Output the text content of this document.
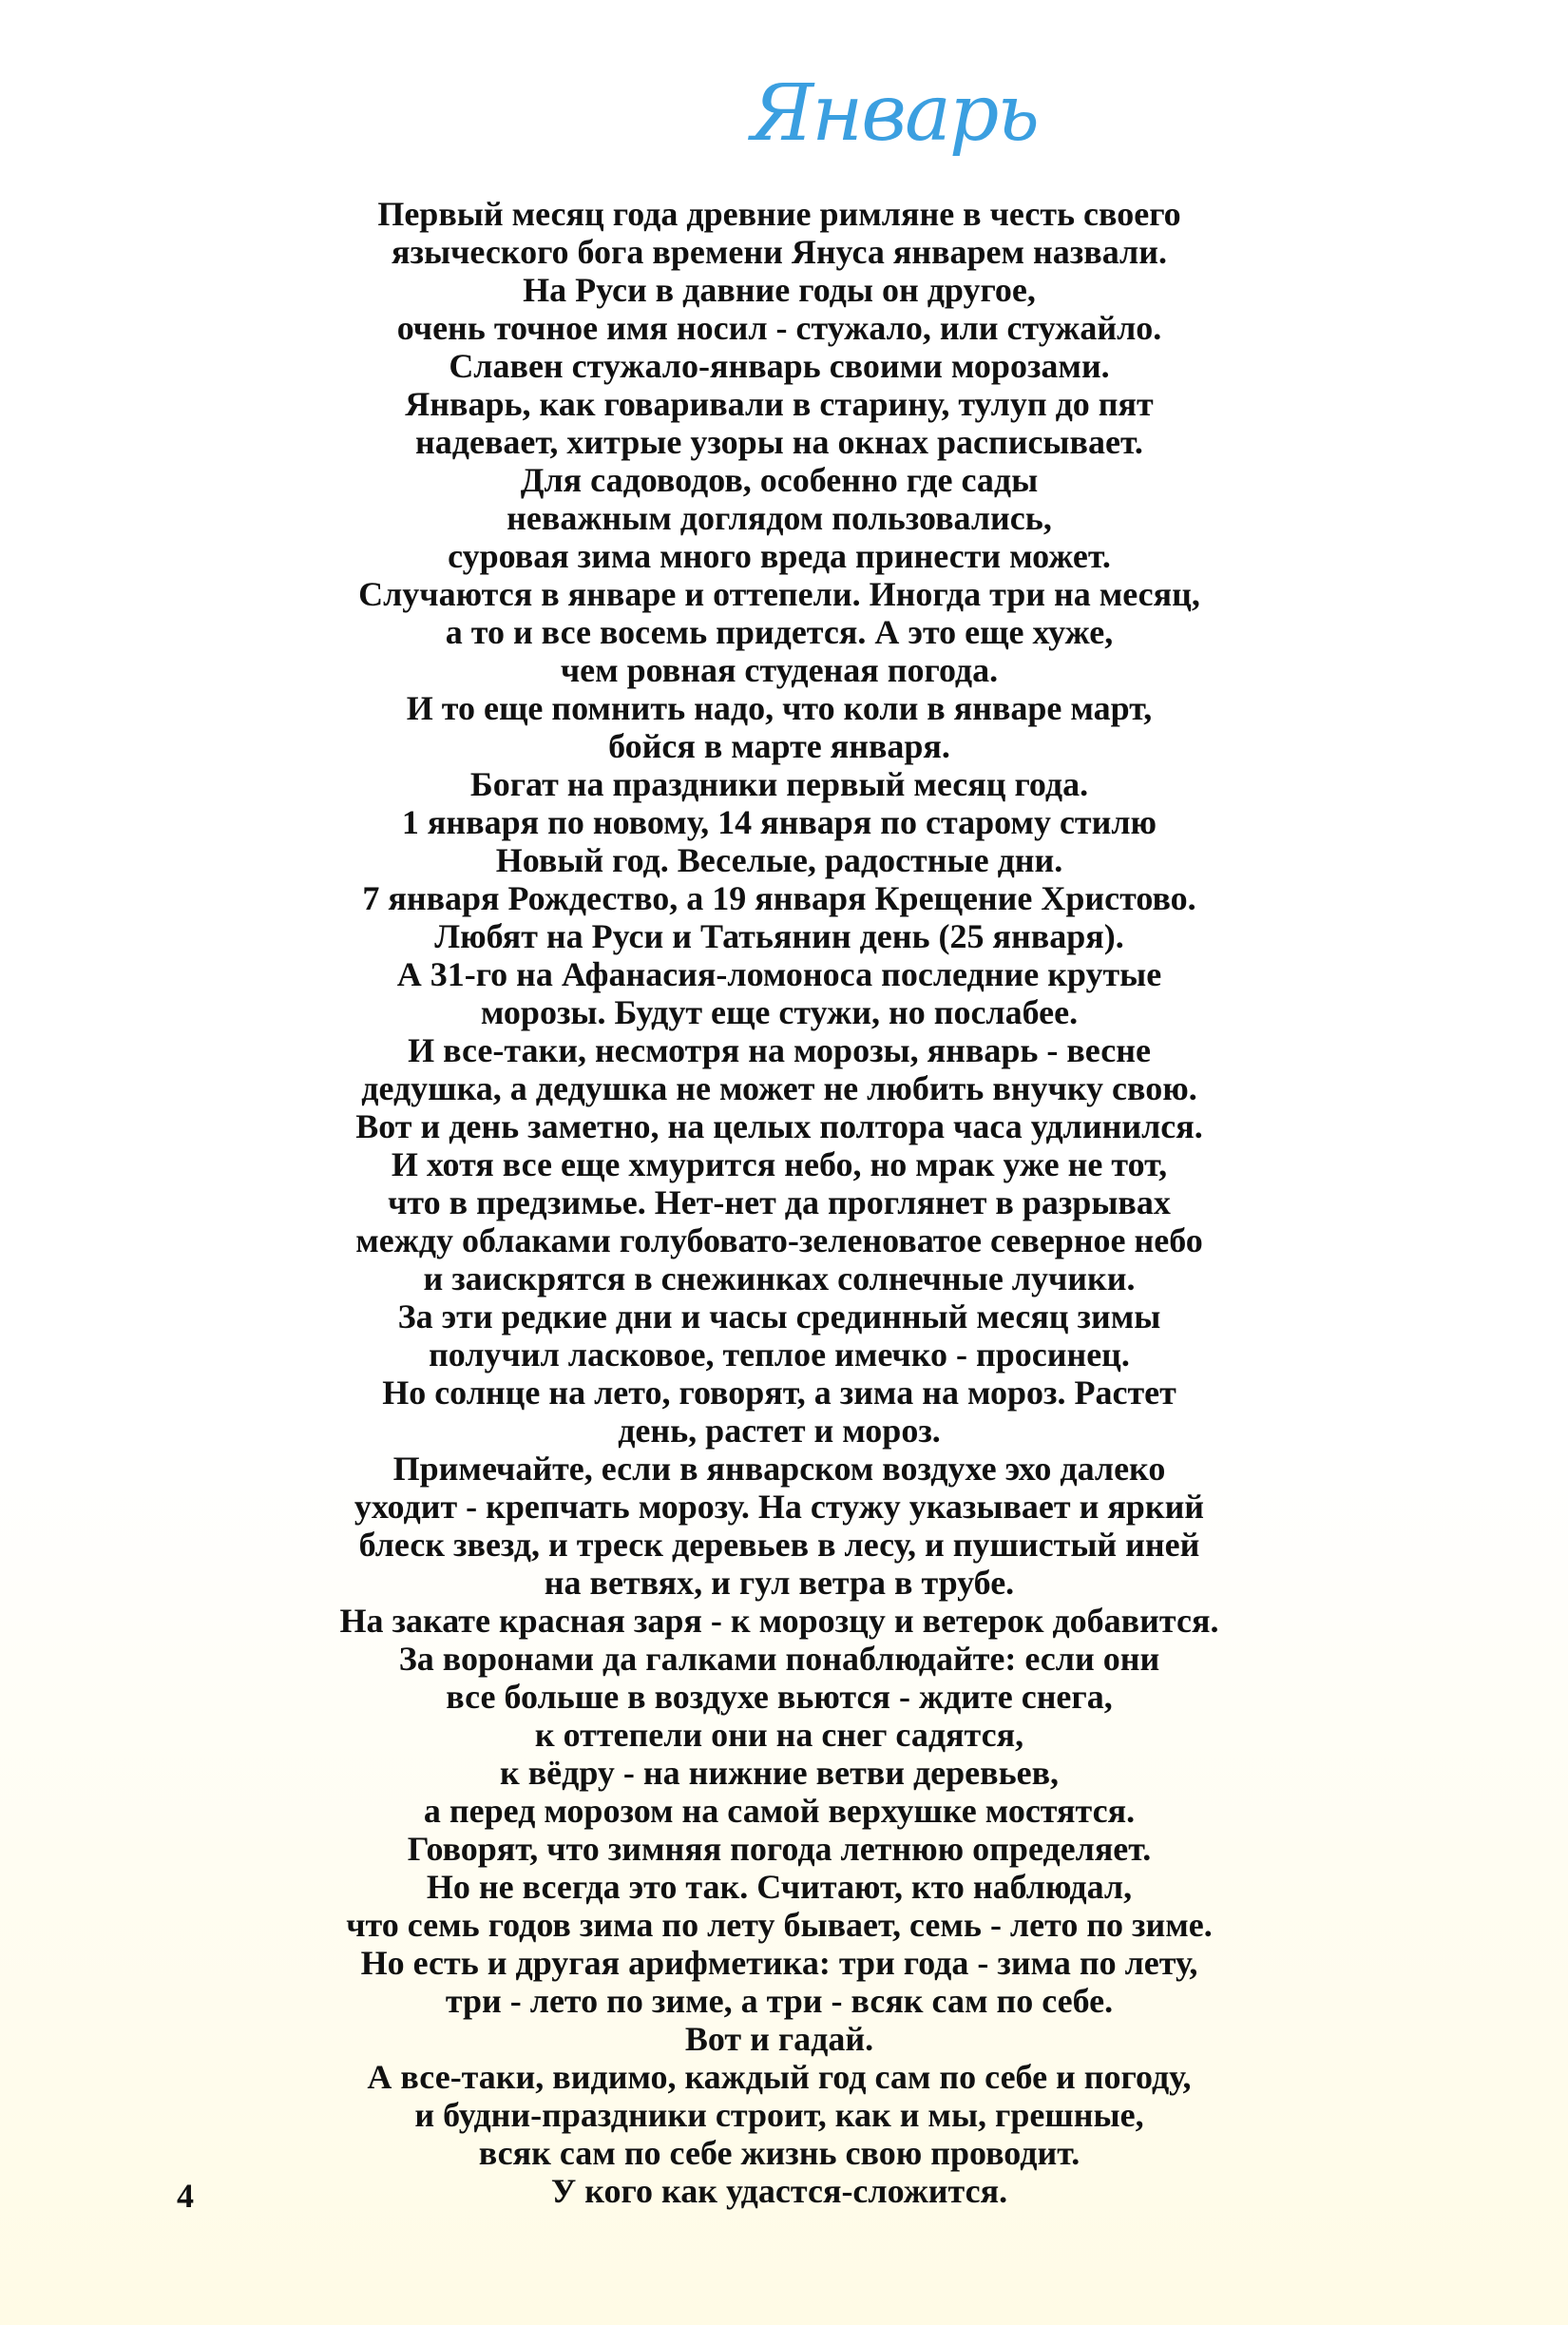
Январь

Первый месяц года древние римляне в честь своего

языческого бога времени Януса январем назвали.

На Руси в давние годы он другое,

очень точное имя носил - стужало, или стужайло.

Славен стужало-январь своими морозами.

Январь, как говаривали в старину, тулуп до пят

надевает, хитрые узоры на окнах расписывает.

Для садоводов, особенно где сады

неважным доглядом пользовались,

суровая зима много вреда принести может.

Случаются в январе и оттепели. Иногда три на месяц,

а то и все восемь придется. А это еще хуже,

чем ровная студеная погода.

И то еще помнить надо, что коли в январе март,

бойся в марте января.

Богат на праздники первый месяц года.

1 января по новому, 14 января по старому стилю

Новый год. Веселые, радостные дни.

7 января Рождество, а 19 января Крещение Христово.

Любят на Руси и Татьянин день (25 января).

А 31-го на Афанасия-ломоноса последние крутые

морозы. Будут еще стужи, но послабее.

И все-таки, несмотря на морозы, январь - весне

дедушка, а дедушка не может не любить внучку свою.

Вот и день заметно, на целых полтора часа удлинился.

И хотя все еще хмурится небо, но мрак уже не тот,

что в предзимье. Нет-нет да проглянет в разрывах

между облаками голубовато-зеленоватое северное небо

и заискрятся в снежинках солнечные лучики.

За эти редкие дни и часы срединный месяц зимы

получил ласковое, теплое имечко - просинец.

Но солнце на лето, говорят, а зима на мороз. Растет

день, растет и мороз.

Примечайте, если в январском воздухе эхо далеко

уходит - крепчать морозу. На стужу указывает и яркий

блеск звезд, и треск деревьев в лесу, и пушистый иней

на ветвях, и гул ветра в трубе.

На закате красная заря - к морозцу и ветерок добавится.

За воронами да галками понаблюдайте: если они

все больше в воздухе вьются - ждите снега,

к оттепели они на снег садятся,

к вёдру - на нижние ветви деревьев,

а перед морозом на самой верхушке мостятся.

Говорят, что зимняя погода летнюю определяет.

Но не всегда это так. Считают, кто наблюдал,

что семь годов зима по лету бывает, семь - лето по зиме.

Но есть и другая арифметика: три года - зима по лету,

три - лето по зиме, а три - всяк сам по себе.

Вот и гадай.

А все-таки, видимо, каждый год сам по себе и погоду,

и будни-праздники строит, как и мы, грешные,

всяк сам по себе жизнь свою проводит.

У кого как удастся-сложится.

4
